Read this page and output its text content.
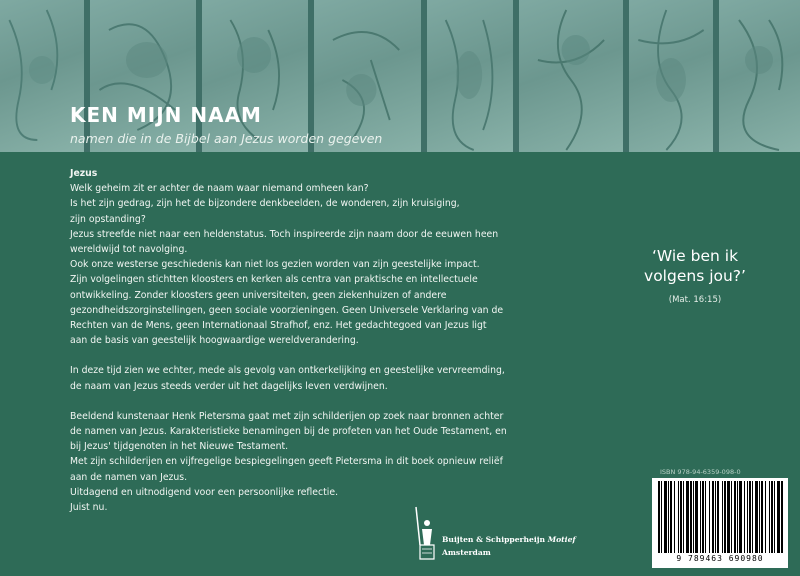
KEN MIJN NAAM
namen die in de Bijbel aan Jezus worden gegeven

Jezus

Welk geheim zit er achter de naam waar niemand omheen kan?

Is het zijn gedrag, zijn het de bijzondere denkbeelden, de wonderen, zijn kruisiging,

zijn opstanding?

Jezus streefde niet naar een heldenstatus. Toch inspireerde zijn naam door de eeuwen heen

wereldwijd tot navolging.

Ook onze westerse geschiedenis kan niet los gezien worden van zijn geestelijke impact.

Zijn volgelingen stichtten kloosters en kerken als centra van praktische en intellectuele

ontwikkeling. Zonder kloosters geen universiteiten, geen ziekenhuizen of andere

gezondheidszorginstellingen, geen sociale voorzieningen. Geen Universele Verklaring van de

Rechten van de Mens, geen Internationaal Strafhof, enz. Het gedachtegoed van Jezus ligt

aan de basis van geestelijk hoogwaardige wereldverandering.

In deze tijd zien we echter, mede als gevolg van ontkerkelijking en geestelijke vervreemding,

de naam van Jezus steeds verder uit het dagelijks leven verdwijnen.

Beeldend kunstenaar Henk Pietersma gaat met zijn schilderijen op zoek naar bronnen achter

de namen van Jezus. Karakteristieke benamingen bij de profeten van het Oude Testament, en

bij Jezus' tijdgenoten in het Nieuwe Testament.

Met zijn schilderijen en vijfregelige bespiegelingen geeft Pietersma in dit boek opnieuw reliëf

aan de namen van Jezus.

Uitdagend en uitnodigend voor een persoonlijke reflectie.

Juist nu.

‘Wie ben ik
volgens jou?’
(Mat. 16:15)
Buijten & Schipperheijn Motief
Amsterdam
ISBN 978-94-6359-098-0
9 789463 690980
